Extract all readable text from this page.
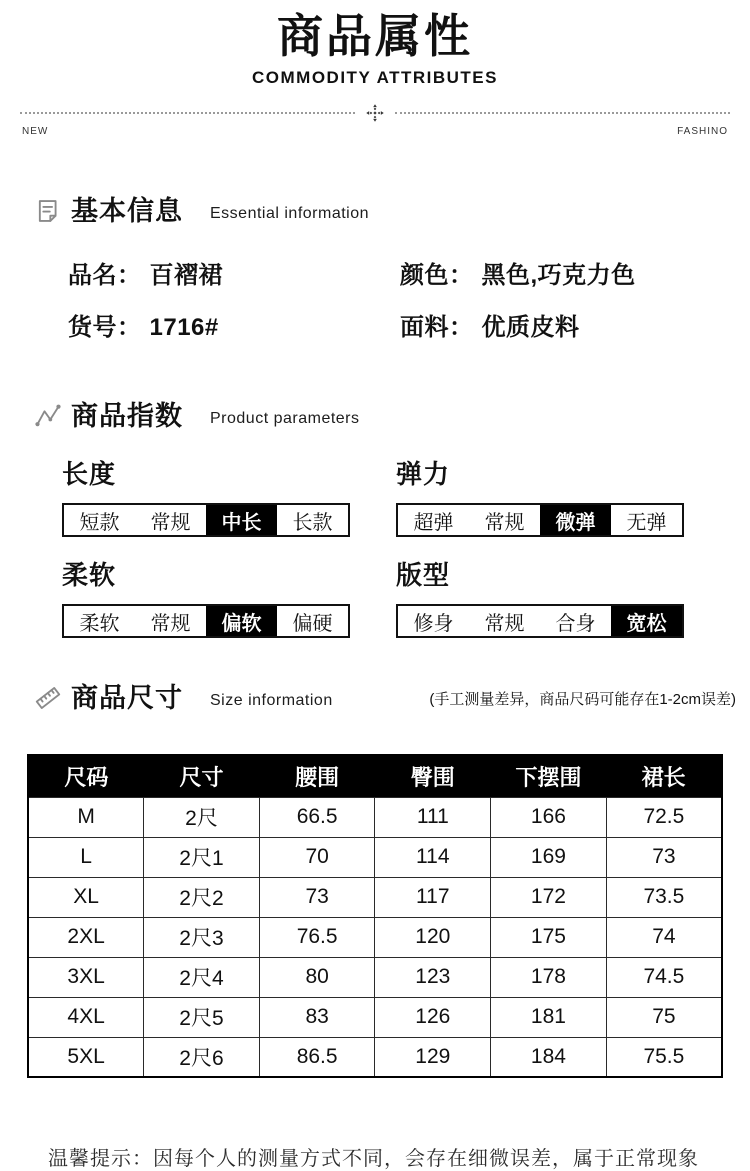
商品属性
COMMODITY ATTRIBUTES
NEW	FASHINO
基本信息 Essential information
品名： 百褶裙	颜色： 黑色,巧克力色
货号： 1716#	面料： 优质皮料
商品指数 Product parameters
长度
短款	常规	中长	长款
弹力
超弹	常规	微弹	无弹
柔软
柔软	常规	偏软	偏硬
版型
修身	常规	合身	宽松
商品尺寸 Size information	(手工测量差异，商品尺码可能存在1-2cm误差)
尺码	尺寸	腰围	臀围	下摆围	裙长
M	2尺	66.5	111	166	72.5
L	2尺1	70	114	169	73
XL	2尺2	73	117	172	73.5
2XL	2尺3	76.5	120	175	74
3XL	2尺4	80	123	178	74.5
4XL	2尺5	83	126	181	75
5XL	2尺6	86.5	129	184	75.5
温馨提示：因每个人的测量方式不同，会存在细微误差，属于正常现象
